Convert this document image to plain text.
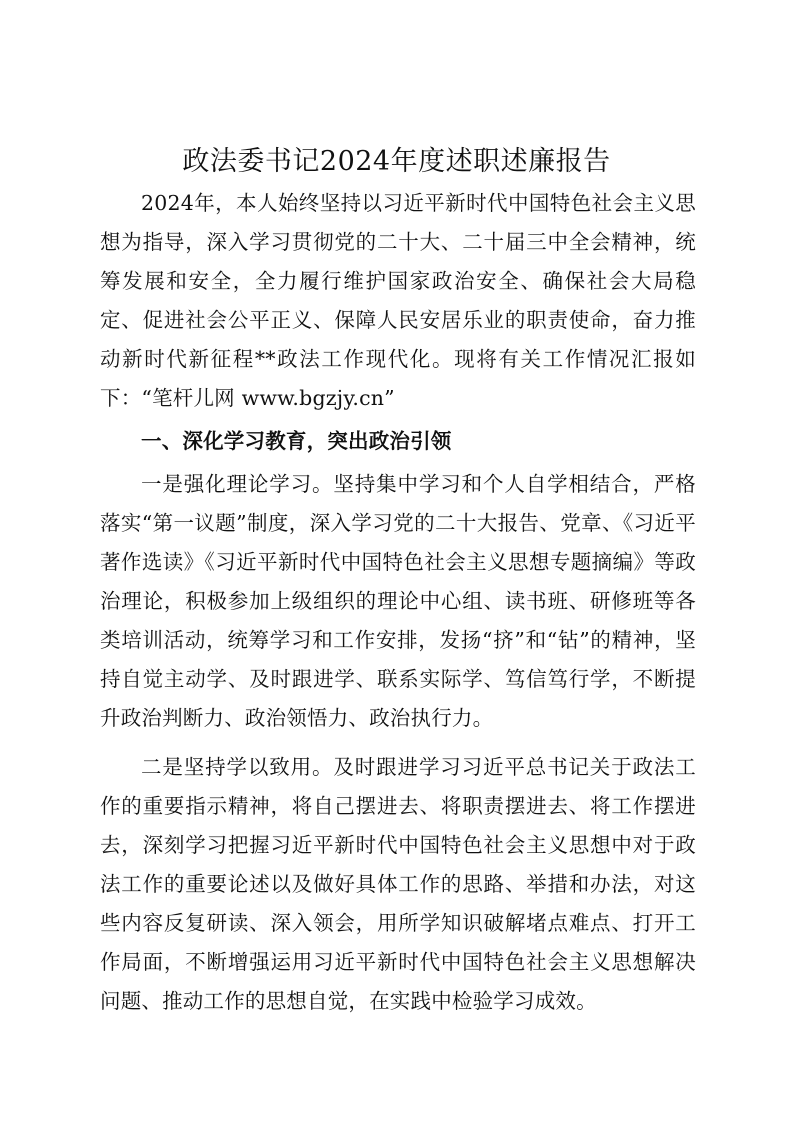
政法委书记2024年度述职述廉报告

2024年，本人始终坚持以习近平新时代中国特色社会主义思想为指导，深入学习贯彻党的二十大、二十届三中全会精神，统筹发展和安全，全力履行维护国家政治安全、确保社会大局稳定、促进社会公平正义、保障人民安居乐业的职责使命，奋力推动新时代新征程**政法工作现代化。现将有关工作情况汇报如下：“笔杆儿网 www.bgzjy.cn”

一、深化学习教育，突出政治引领

一是强化理论学习。坚持集中学习和个人自学相结合，严格落实“第一议题”制度，深入学习党的二十大报告、党章、《习近平著作选读》《习近平新时代中国特色社会主义思想专题摘编》等政治理论，积极参加上级组织的理论中心组、读书班、研修班等各类培训活动，统筹学习和工作安排，发扬“挤”和“钻”的精神，坚持自觉主动学、及时跟进学、联系实际学、笃信笃行学，不断提升政治判断力、政治领悟力、政治执行力。

二是坚持学以致用。及时跟进学习习近平总书记关于政法工作的重要指示精神，将自己摆进去、将职责摆进去、将工作摆进去，深刻学习把握习近平新时代中国特色社会主义思想中对于政法工作的重要论述以及做好具体工作的思路、举措和办法，对这些内容反复研读、深入领会，用所学知识破解堵点难点、打开工作局面，不断增强运用习近平新时代中国特色社会主义思想解决问题、推动工作的思想自觉，在实践中检验学习成效。
